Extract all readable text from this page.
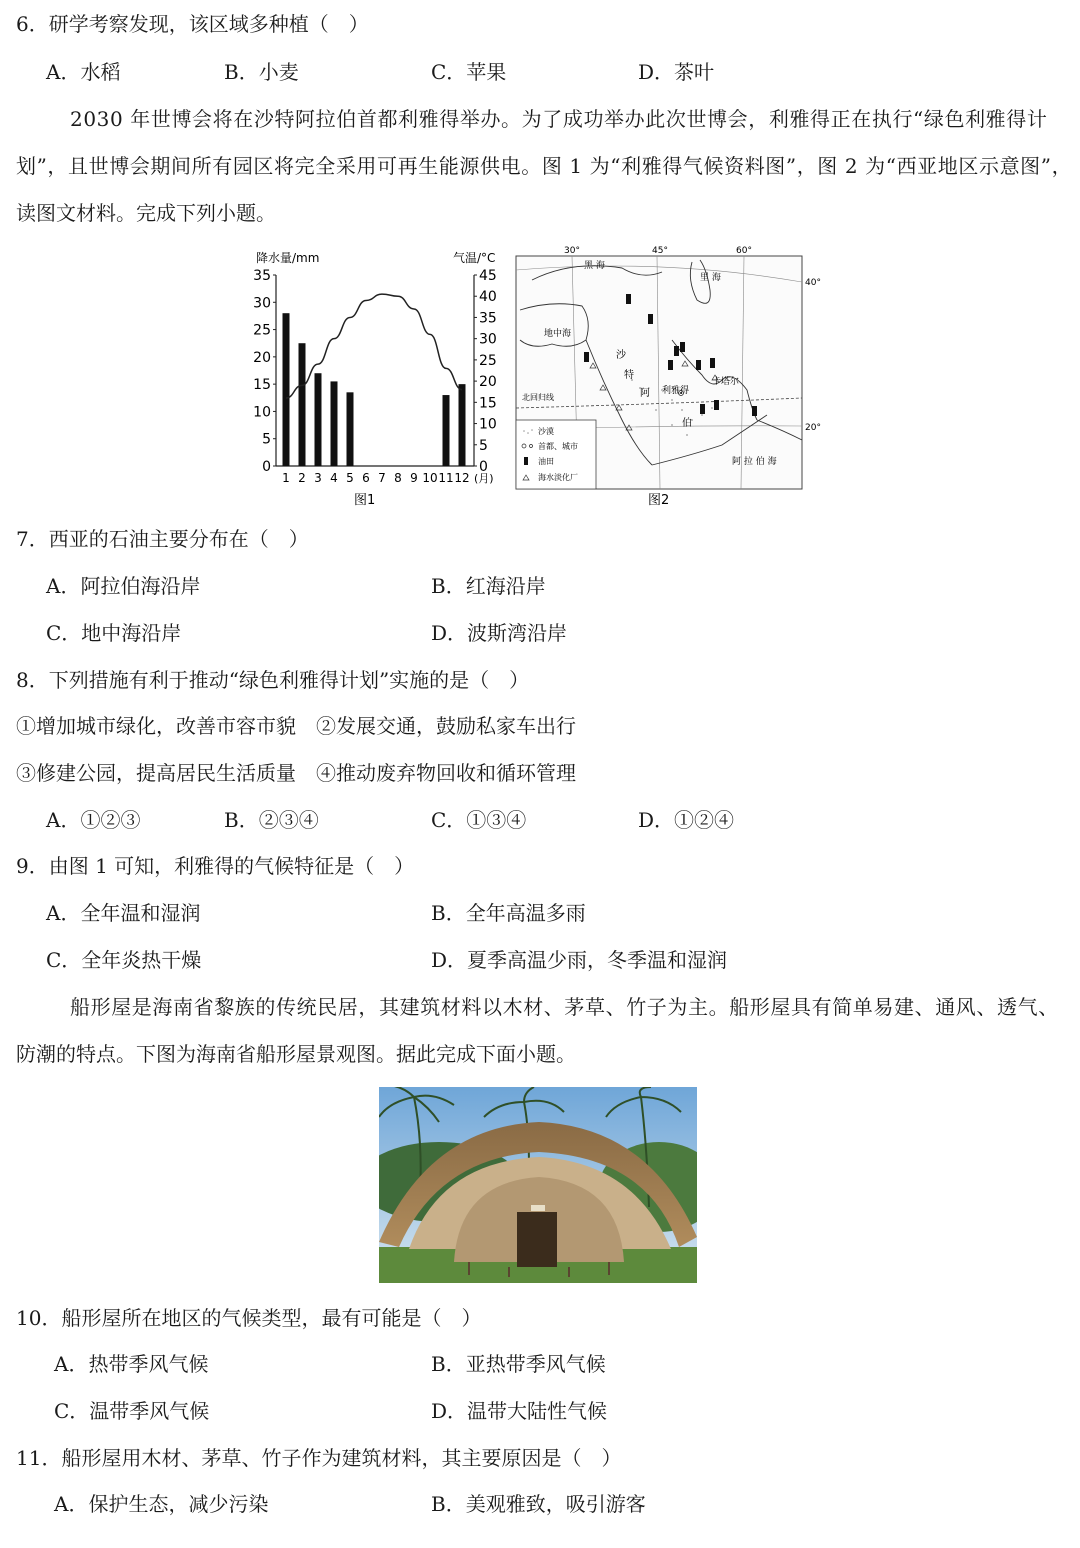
6．研学考察发现，该区域多种植（　）
A．水稻	B．小麦	C．苹果	D．茶叶
2030 年世博会将在沙特阿拉伯首都利雅得举办。为了成功举办此次世博会，利雅得正在执行“绿色利雅得计
划”，且世博会期间所有园区将完全采用可再生能源供电。图 1 为“利雅得气候资料图”，图 2 为“西亚地区示意图”，
读图文材料。完成下列小题。
降水量/mm	气温/°C
35
30
25
20
15
10
5
0
45
40
35
30
25
20
15
10
5
0
1 2 3 4 5 6 7 8 9 10 11 12 (月)
图1
30°	45°	60°
40°
20°
黑 海
里 海
地中海
沙
特
阿 利雅得
伯
卡塔尔
阿 拉 伯 海
北回归线
沙漠
首都、城市
油田
海水淡化厂
图2
7．西亚的石油主要分布在（　）
A．阿拉伯海沿岸	B．红海沿岸
C．地中海沿岸	D．波斯湾沿岸
8．下列措施有利于推动“绿色利雅得计划”实施的是（　）
①增加城市绿化，改善市容市貌　②发展交通，鼓励私家车出行
③修建公园，提高居民生活质量　④推动废弃物回收和循环管理
A．①②③	B．②③④	C．①③④	D．①②④
9．由图 1 可知，利雅得的气候特征是（　）
A．全年温和湿润	B．全年高温多雨
C．全年炎热干燥	D．夏季高温少雨，冬季温和湿润
船形屋是海南省黎族的传统民居，其建筑材料以木材、茅草、竹子为主。船形屋具有简单易建、通风、透气、
防潮的特点。下图为海南省船形屋景观图。据此完成下面小题。
10．船形屋所在地区的气候类型，最有可能是（　）
A．热带季风气候	B．亚热带季风气候
C．温带季风气候	D．温带大陆性气候
11．船形屋用木材、茅草、竹子作为建筑材料，其主要原因是（　）
A．保护生态，减少污染	B．美观雅致，吸引游客
